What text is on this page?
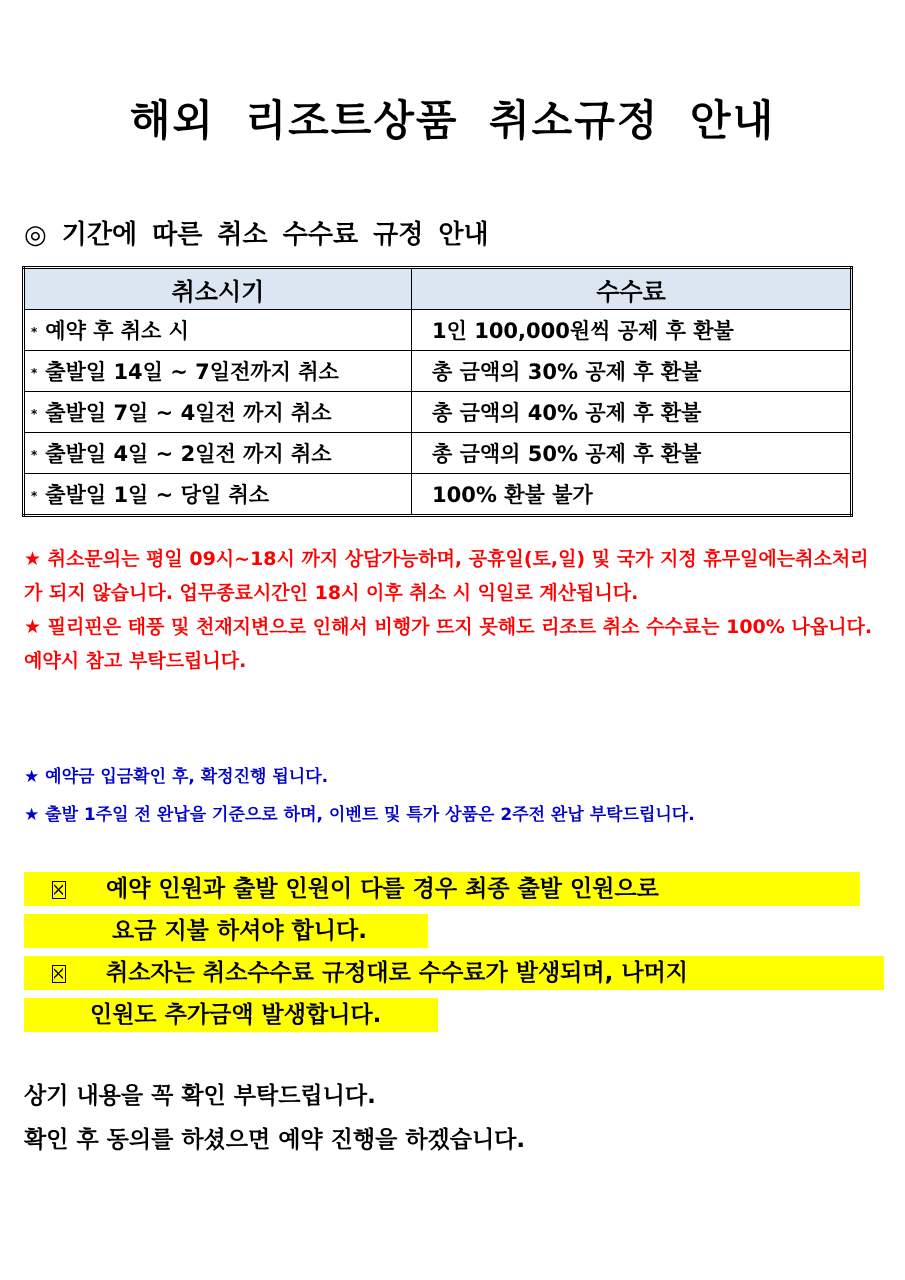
해외 리조트상품 취소규정 안내
◎ 기간에 따른 취소 수수료 규정 안내
취소시기	수수료
* 예약 후 취소 시	1인 100,000원씩 공제 후 환불
* 출발일 14일 ~ 7일전까지 취소	총 금액의 30% 공제 후 환불
* 출발일 7일 ~ 4일전 까지 취소	총 금액의 40% 공제 후 환불
* 출발일 4일 ~ 2일전 까지 취소	총 금액의 50% 공제 후 환불
* 출발일 1일 ~ 당일 취소	100% 환불 불가

★ 취소문의는 평일 09시~18시 까지 상담가능하며, 공휴일(토,일) 및 국가 지정 휴무일에는취소처리가 되지 않습니다. 업무종료시간인 18시 이후 취소 시 익일로 계산됩니다.

★ 필리핀은 태풍 및 천재지변으로 인해서 비행가 뜨지 못해도 리조트 취소 수수료는 100% 나옵니다. 예약시 참고 부탁드립니다.

★ 예약금 입금확인 후, 확정진행 됩니다.

★ 출발 1주일 전 완납을 기준으로 하며, 이벤트 및 특가 상품은 2주전 완납 부탁드립니다.

예약 인원과 출발 인원이 다를 경우 최종 출발 인원으로
요금 지불 하셔야 합니다.
취소자는 취소수수료 규정대로 수수료가 발생되며, 나머지
인원도 추가금액 발생합니다.

상기 내용을 꼭 확인 부탁드립니다.

확인 후 동의를 하셨으면 예약 진행을 하겠습니다.
